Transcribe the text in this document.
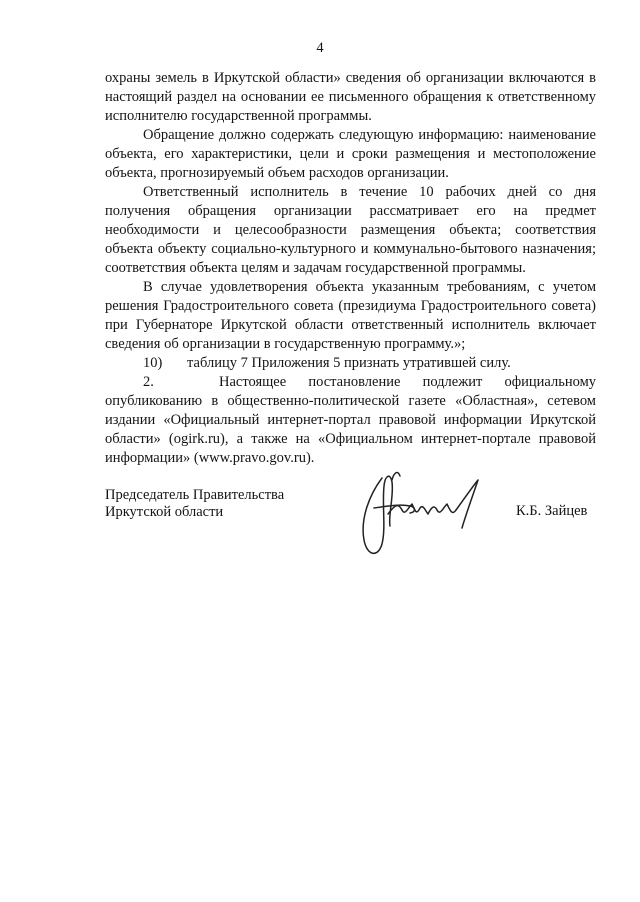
4

охраны земель в Иркутской области» сведения об организации включаются в настоящий раздел на основании ее письменного обращения к ответственному исполнителю государственной программы.

Обращение должно содержать следующую информацию: наименование объекта, его характеристики, цели и сроки размещения и местоположение объекта, прогнозируемый объем расходов организации.

Ответственный исполнитель в течение 10 рабочих дней со дня получения обращения организации рассматривает его на предмет необходимости и целесообразности размещения объекта; соответствия объекта объекту социально-культурного и коммунально-бытового назначения; соответствия объекта целям и задачам государственной программы.

В случае удовлетворения объекта указанным требованиям, с учетом решения Градостроительного совета (президиума Градостроительного совета) при Губернаторе Иркутской области ответственный исполнитель включает сведения об организации в государственную программу.»;

10) таблицу 7 Приложения 5 признать утратившей силу.

2.	Настоящее постановление подлежит официальному опубликованию в общественно-политической газете «Областная», сетевом издании «Официальный интернет-портал правовой информации Иркутской области» (ogirk.ru), а также на «Официальном интернет-портале правовой информации» (www.pravo.gov.ru).

Председатель Правительства
Иркутской области	К.Б. Зайцев
